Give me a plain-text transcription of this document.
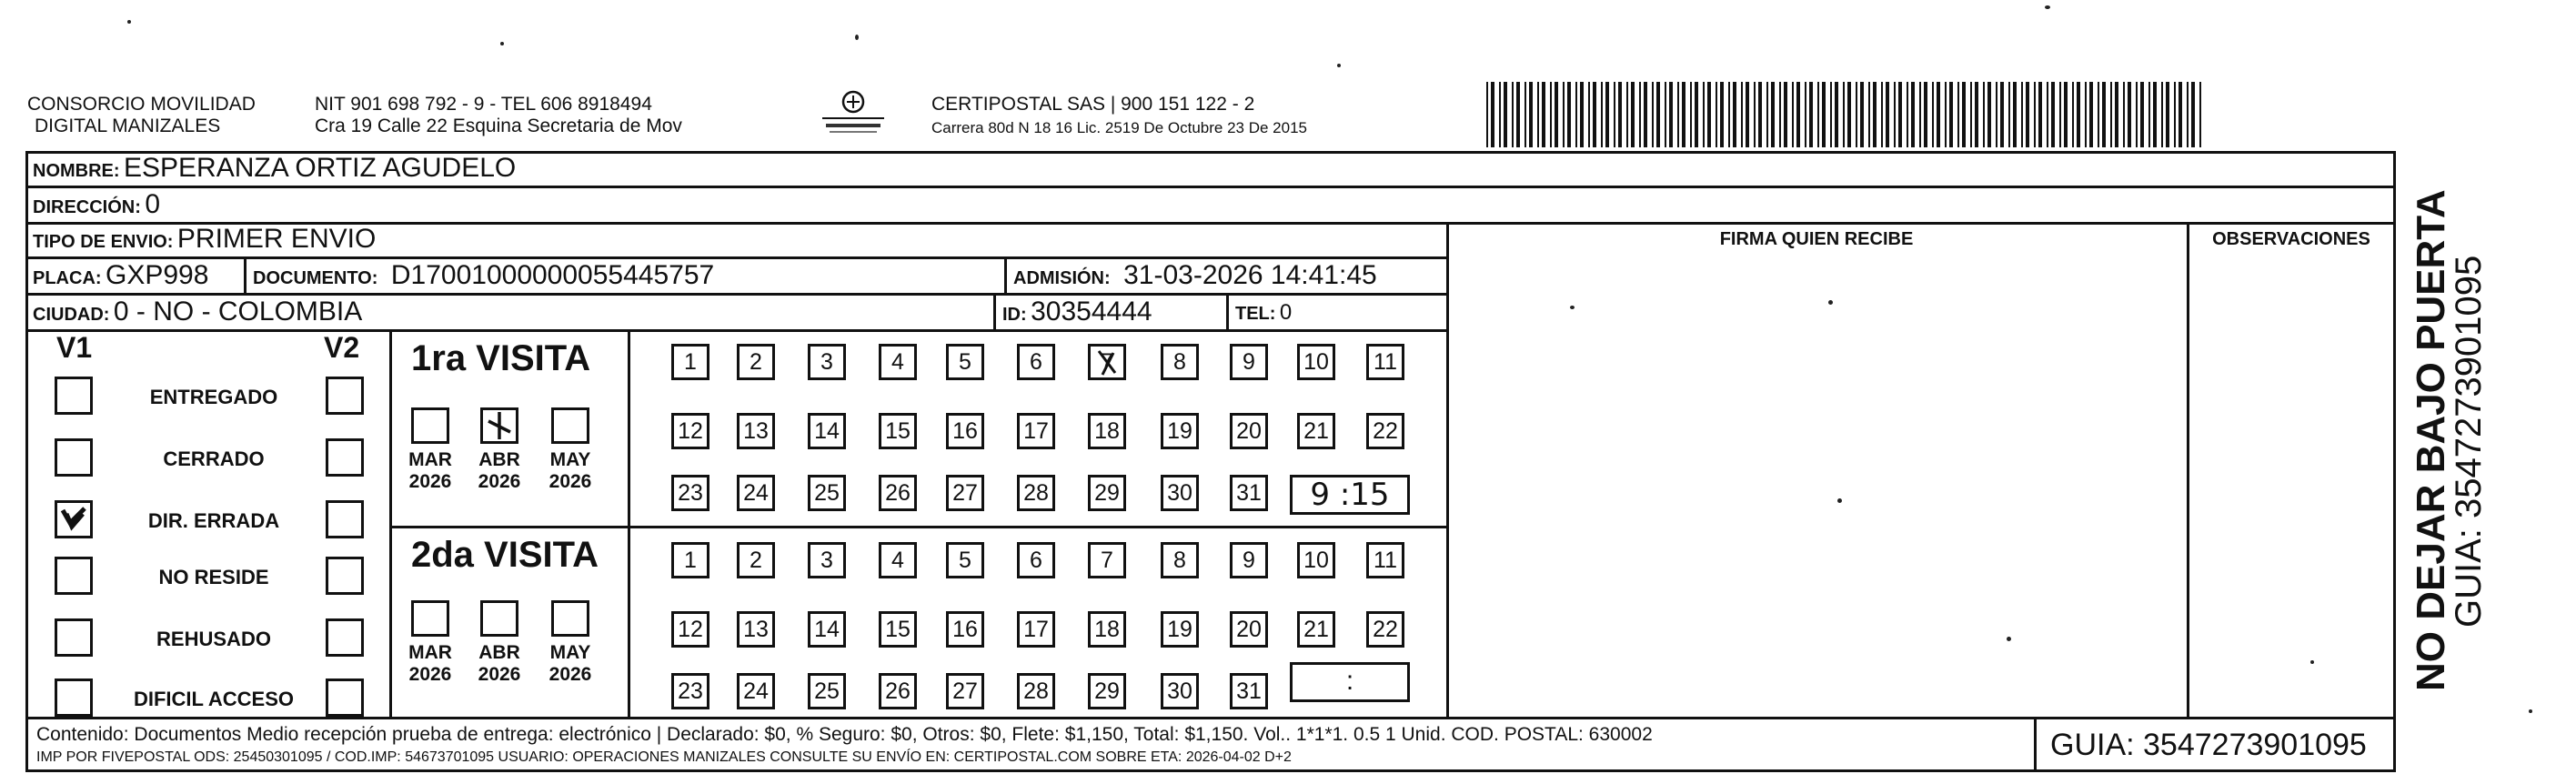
CONSORCIO MOVILIDAD
DIGITAL MANIZALES
NIT 901 698 792 - 9 - TEL 606 8918494
Cra 19 Calle 22 Esquina Secretaria de Mov
CERTIPOSTAL SAS | 900 151 122 - 2
Carrera 80d N 18 16 Lic. 2519 De Octubre 23 De 2015
NOMBRE: ESPERANZA ORTIZ AGUDELO
DIRECCIÓN: 0
TIPO DE ENVIO: PRIMER ENVIO
PLACA: GXP998 DOCUMENTO: D17001000000055445757	ADMISIÓN: 31-03-2026 14:41:45
CIUDAD: 0 - NO - COLOMBIA	ID: 30354444	TEL: 0
FIRMA QUIEN RECIBE	OBSERVACIONES
V1	V2
ENTREGADO
CERRADO
DIR. ERRADA
NO RESIDE
REHUSADO
DIFICIL ACCESO
1ra VISITA
MAR
2026
ABR
2026
MAY
2026
1	2	3	4	5	6	7	8	9	10	11
12 13 14 15 16 17 18 19 20 21 22
23 24 25 26 27 28 29 30 31	9 :15
2da VISITA
MAR
2026
ABR
2026
MAY
2026
1	2	3	4	5	6	7	8	9	10	11
12 13 14 15 16 17 18 19 20 21 22
23 24 25 26 27 28 29 30 31	:
Contenido: Documentos Medio recepción prueba de entrega: electrónico | Declarado: $0, % Seguro: $0, Otros: $0, Flete: $1,150, Total: $1,150. Vol.. 1*1*1. 0.5 1 Unid. COD. POSTAL: 630002
IMP POR FIVEPOSTAL ODS: 25450301095 / COD.IMP: 54673701095 USUARIO: OPERACIONES MANIZALES CONSULTE SU ENVÍO EN: CERTIPOSTAL.COM SOBRE ETA: 2026-04-02 D+2	GUIA: 3547273901095
NO DEJAR BAJO PUERTA
GUIA: 3547273901095
